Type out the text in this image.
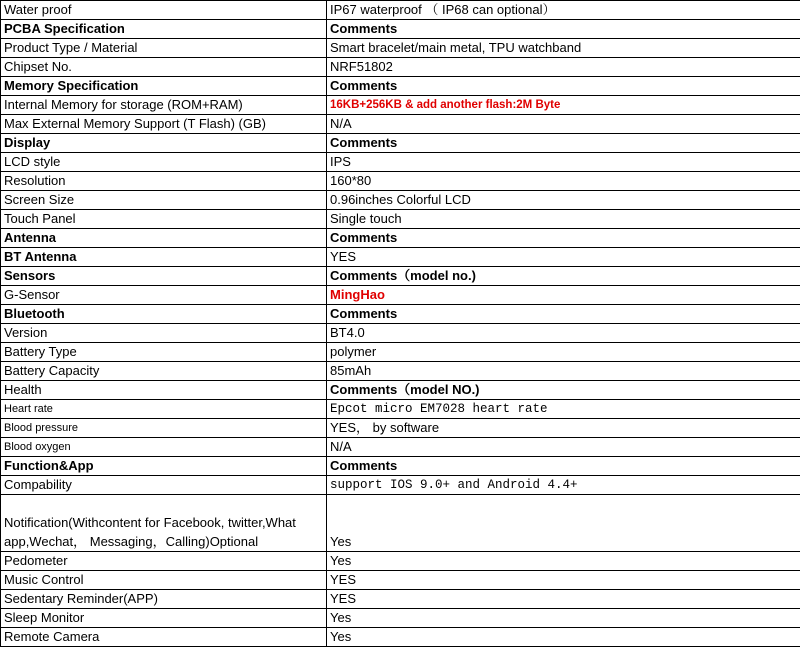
Water proof	IP67 waterproof （ IP68 can optional）
PCBA Specification	Comments
Product Type / Material	Smart bracelet/main metal, TPU watchband
Chipset No.	NRF51802
Memory Specification	Comments
Internal Memory for storage (ROM+RAM)	16KB+256KB & add another flash:2M Byte
Max External Memory Support (T Flash) (GB)	N/A
Display	Comments
LCD style	IPS
Resolution	160*80
Screen Size	0.96inches Colorful LCD
Touch Panel	Single touch
Antenna	Comments
BT Antenna	YES
Sensors	Comments（model no.)
G-Sensor	MingHao
Bluetooth	Comments
Version	BT4.0
Battery Type	polymer
Battery Capacity	85mAh
Health	Comments（model NO.)
Heart rate	Epcot micro EM7028 heart rate
Blood pressure	YES， by software
Blood oxygen	N/A
Function&App	Comments
Compability	support IOS 9.0+ and Android 4.4+
Notification(Withcontent for Facebook, twitter,What app,Wechat， Messaging，Calling)Optional	Yes
Pedometer	Yes
Music Control	YES
Sedentary Reminder(APP)	YES
Sleep Monitor	Yes
Remote Camera	Yes
